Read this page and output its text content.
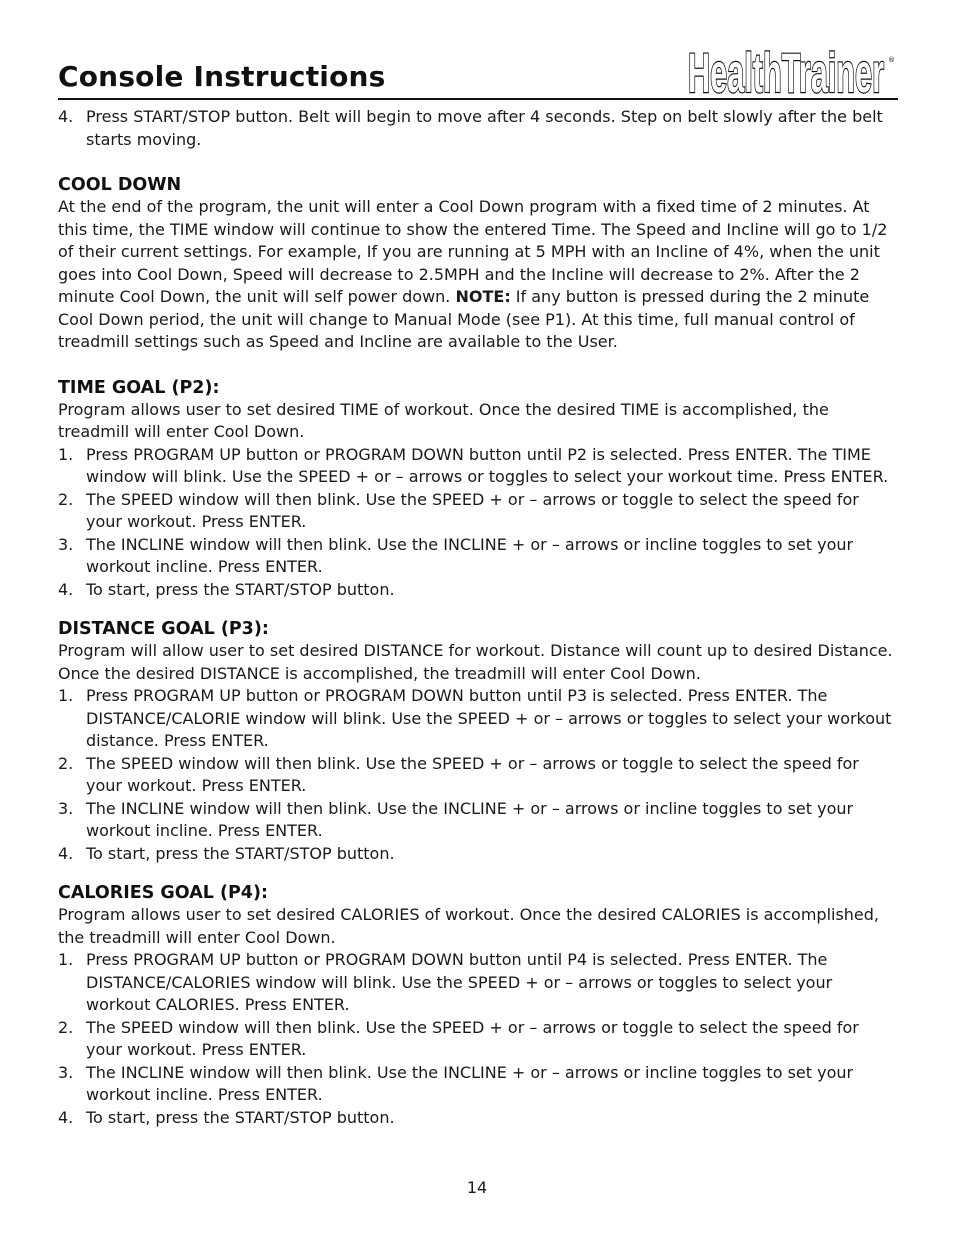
Console Instructions	HealthTrainer ®
4. Press START/STOP button. Belt will begin to move after 4 seconds. Step on belt slowly after the belt starts moving.
COOL DOWN

At the end of the program, the unit will enter a Cool Down program with a fixed time of 2 minutes. At this time, the TIME window will continue to show the entered Time. The Speed and Incline will go to 1/2 of their current settings. For example, If you are running at 5 MPH with an Incline of 4%, when the unit goes into Cool Down, Speed will decrease to 2.5MPH and the Incline will decrease to 2%. After the 2 minute Cool Down, the unit will self power down. NOTE: If any button is pressed during the 2 minute Cool Down period, the unit will change to Manual Mode (see P1). At this time, full manual control of treadmill settings such as Speed and Incline are available to the User.

TIME GOAL (P2):

Program allows user to set desired TIME of workout. Once the desired TIME is accomplished, the treadmill will enter Cool Down.

1. Press PROGRAM UP button or PROGRAM DOWN button until P2 is selected. Press ENTER. The TIME window will blink. Use the SPEED + or – arrows or toggles to select your workout time. Press ENTER.
2. The SPEED window will then blink. Use the SPEED + or – arrows or toggle to select the speed for your workout. Press ENTER.
3. The INCLINE window will then blink. Use the INCLINE + or – arrows or incline toggles to set your workout incline. Press ENTER.
4. To start, press the START/STOP button.
DISTANCE GOAL (P3):

Program will allow user to set desired DISTANCE for workout. Distance will count up to desired Distance. Once the desired DISTANCE is accomplished, the treadmill will enter Cool Down.

1. Press PROGRAM UP button or PROGRAM DOWN button until P3 is selected. Press ENTER. The DISTANCE/CALORIE window will blink. Use the SPEED + or – arrows or toggles to select your workout distance. Press ENTER.
2. The SPEED window will then blink. Use the SPEED + or – arrows or toggle to select the speed for your workout. Press ENTER.
3. The INCLINE window will then blink. Use the INCLINE + or – arrows or incline toggles to set your workout incline. Press ENTER.
4. To start, press the START/STOP button.
CALORIES GOAL (P4):

Program allows user to set desired CALORIES of workout. Once the desired CALORIES is accomplished, the treadmill will enter Cool Down.

1. Press PROGRAM UP button or PROGRAM DOWN button until P4 is selected. Press ENTER. The DISTANCE/CALORIES window will blink. Use the SPEED + or – arrows or toggles to select your workout CALORIES. Press ENTER.
2. The SPEED window will then blink. Use the SPEED + or – arrows or toggle to select the speed for your workout. Press ENTER.
3. The INCLINE window will then blink. Use the INCLINE + or – arrows or incline toggles to set your workout incline. Press ENTER.
4. To start, press the START/STOP button.
14
